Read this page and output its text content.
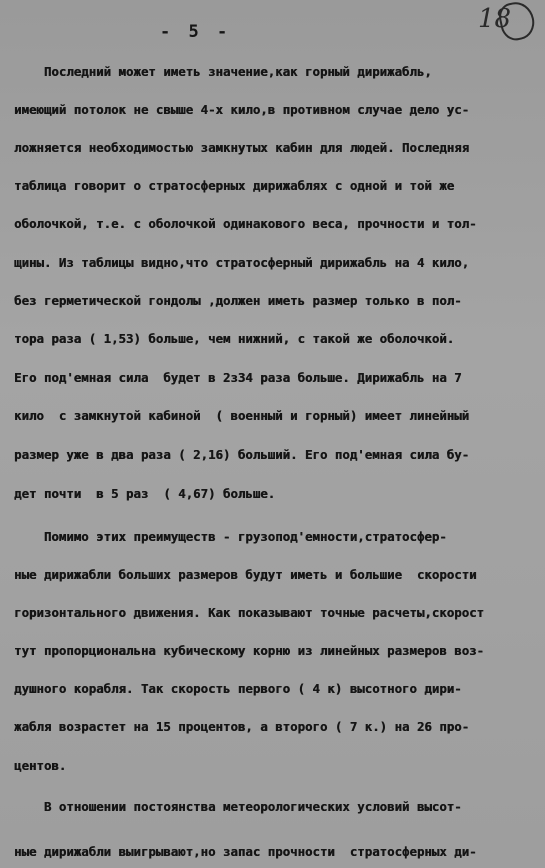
- 5 -	18
Последний может иметь значение,как горный дирижабль,
имеющий потолок не свыше 4-х кило,в противном случае дело ус-
ложняется необходимостью замкнутых кабин для людей. Последняя
таблица говорит о стратосферных дирижаблях с одной и той же
оболочкой, т.е. с оболочкой одинакового веса, прочности и тол-
щины. Из таблицы видно,что стратосферный дирижабль на 4 кило,
без герметической гондолы ,должен иметь размер только в пол-
тора раза ( 1,53) больше, чем нижний, с такой же оболочкой.
Его под'емная сила  будет в 2з34 раза больше. Дирижабль на 7
кило  с замкнутой кабиной  ( военный и горный) имеет линейный
размер уже в два раза ( 2,16) больший. Его под'емная сила бу-
дет почти  в 5 раз  ( 4,67) больше.
Помимо этих преимуществ - грузопод'емности,стратосфер-
ные дирижабли больших размеров будут иметь и большие  скорости
горизонтального движения. Как показывают точные расчеты,скорост
тут пропорциональна кубическому корню из линейных размеров воз-
душного корабля. Так скорость первого ( 4 к) высотного дири-
жабля возрастет на 15 процентов, а второго ( 7 к.) на 26 про-
центов.
В отношении постоянства метеорологических условий высот-
ные дирижабли выигрывают,но запас прочности  стратосферных ди-
